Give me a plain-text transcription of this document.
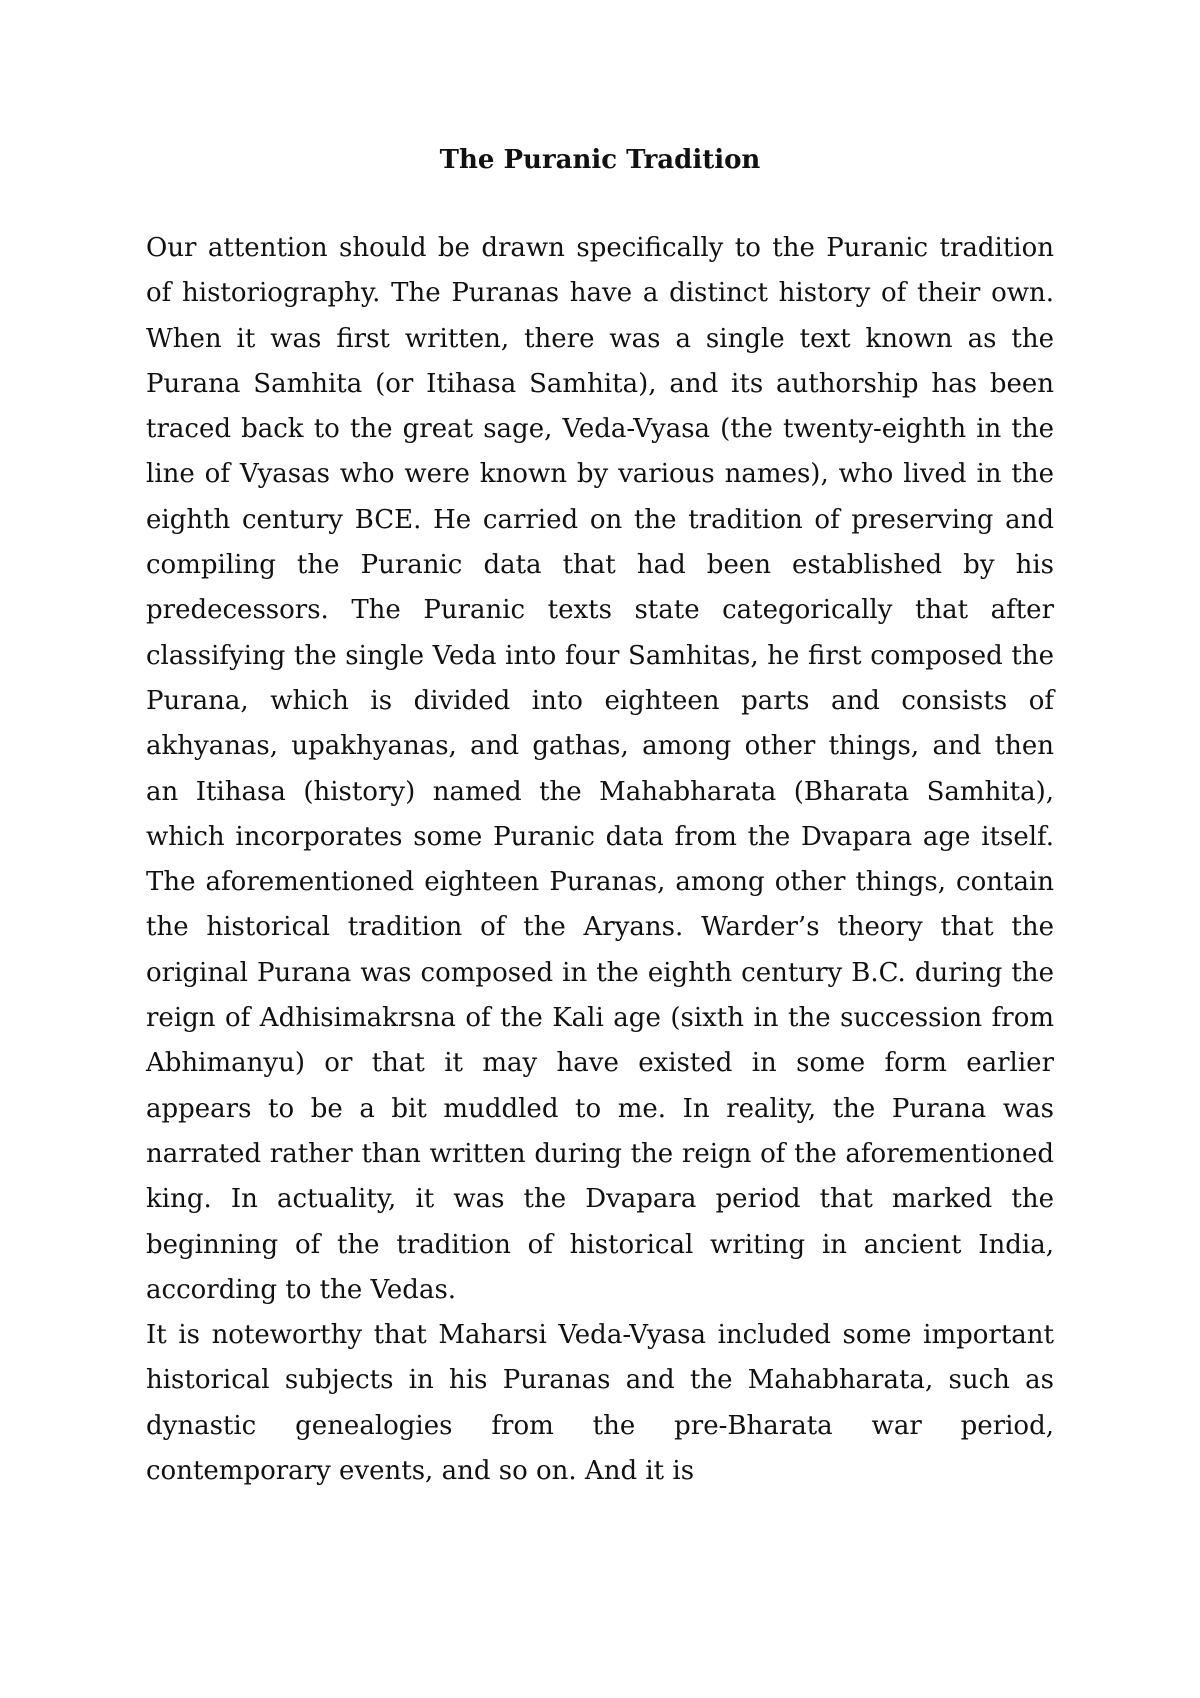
The Puranic Tradition

Our attention should be drawn specifically to the Puranic tradition of historiography. The Puranas have a distinct history of their own. When it was first written, there was a single text known as the Purana Samhita (or Itihasa Samhita), and its authorship has been traced back to the great sage, Veda-Vyasa (the twenty-eighth in the line of Vyasas who were known by various names), who lived in the eighth century BCE. He carried on the tradition of preserving and compiling the Puranic data that had been established by his predecessors. The Puranic texts state categorically that after classifying the single Veda into four Samhitas, he first composed the Purana, which is divided into eighteen parts and consists of akhyanas, upakhyanas, and gathas, among other things, and then an Itihasa (history) named the Mahabharata (Bharata Samhita), which incorporates some Puranic data from the Dvapara age itself. The aforementioned eighteen Puranas, among other things, contain the historical tradition of the Aryans. Warder’s theory that the original Purana was composed in the eighth century B.C. during the reign of Adhisimakrsna of the Kali age (sixth in the succession from Abhimanyu) or that it may have existed in some form earlier appears to be a bit muddled to me. In reality, the Purana was narrated rather than written during the reign of the aforementioned king. In actuality, it was the Dvapara period that marked the beginning of the tradition of historical writing in ancient India, according to the Vedas.

It is noteworthy that Maharsi Veda-Vyasa included some important historical subjects in his Puranas and the Mahabharata, such as dynastic genealogies from the pre-Bharata war period, contemporary events, and so on. And it is
